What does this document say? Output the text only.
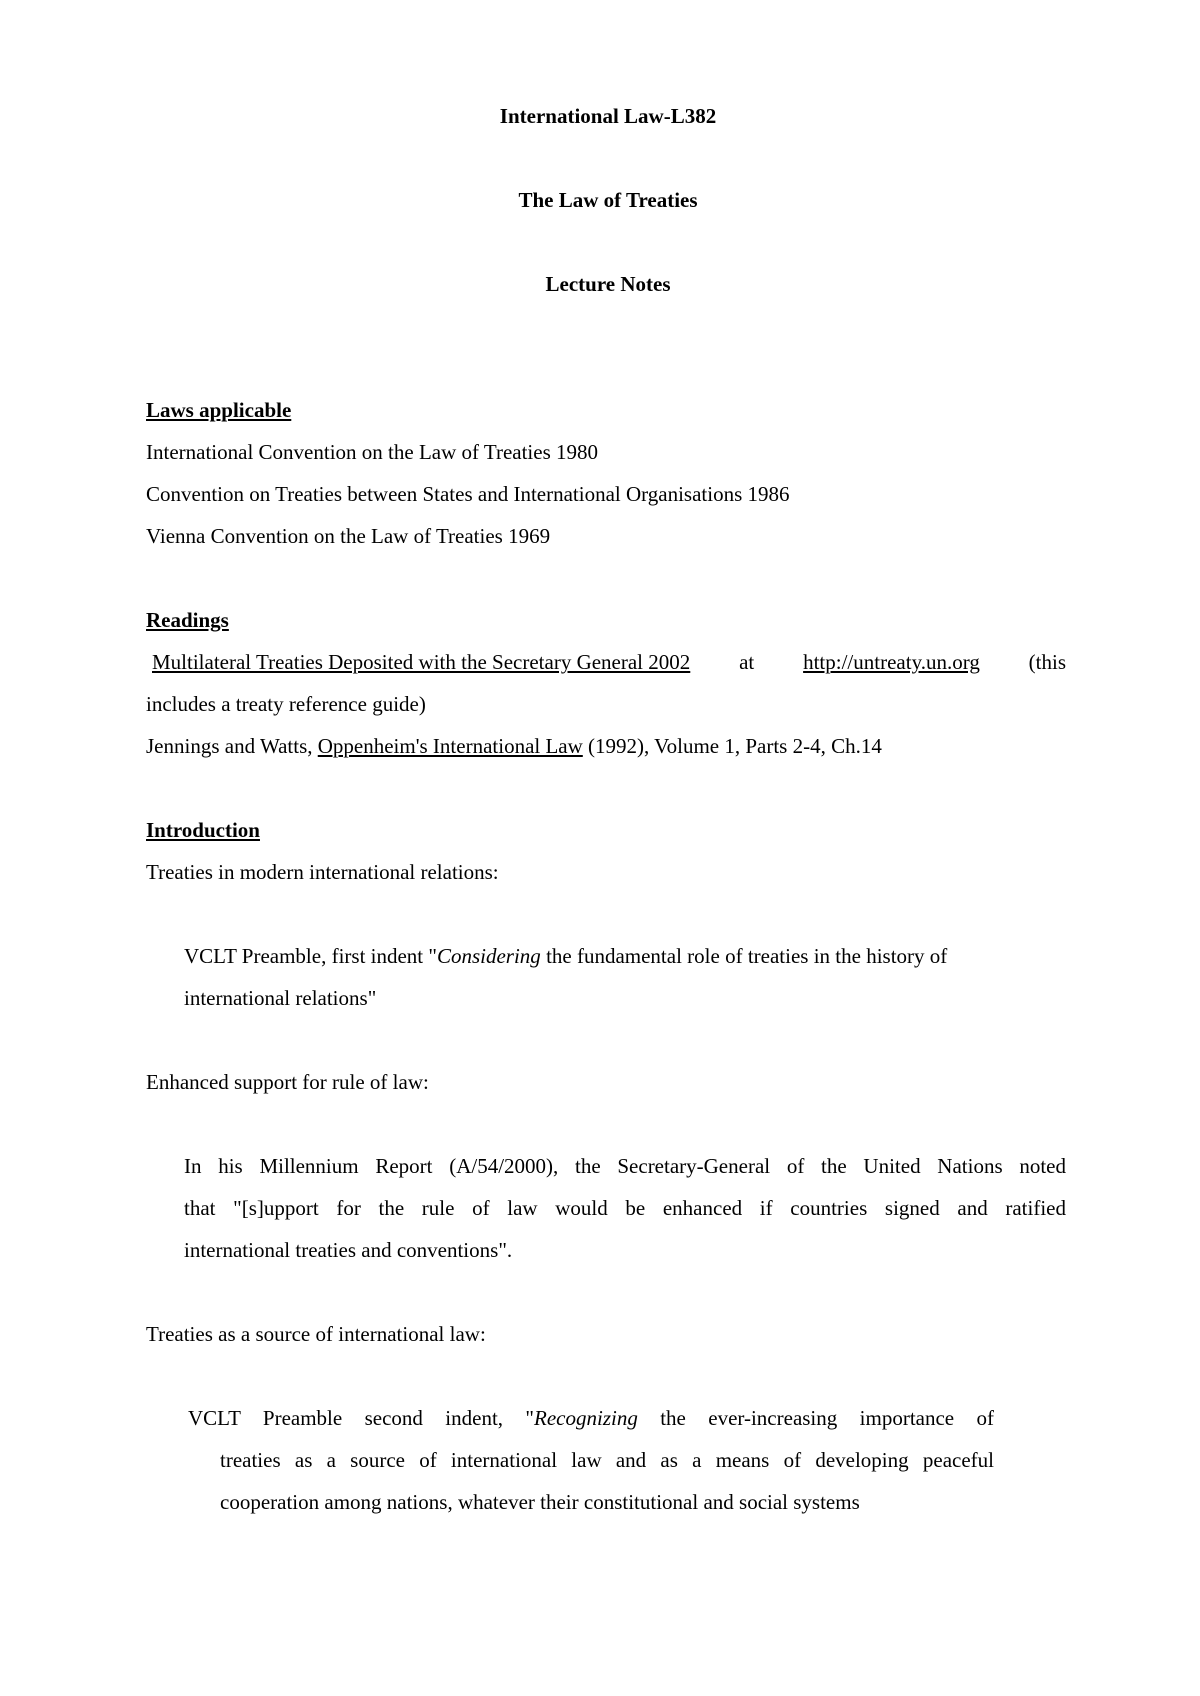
International Law-L382
The Law of Treaties
Lecture Notes
Laws applicable
International Convention on the Law of Treaties 1980
Convention on Treaties between States and International Organisations 1986
Vienna Convention on the Law of Treaties 1969
Readings
Multilateral Treaties Deposited with the Secretary General 2002 at http://untreaty.un.org (this
includes a treaty reference guide)
Jennings and Watts, Oppenheim's International Law (1992), Volume 1, Parts 2-4, Ch.14
Introduction
Treaties in modern international relations:
VCLT Preamble, first indent "Considering the fundamental role of treaties in the history of
international relations"
Enhanced support for rule of law:
In his Millennium Report (A/54/2000), the Secretary-General of the United Nations noted
that "[s]upport for the rule of law would be enhanced if countries signed and ratified
international treaties and conventions".
Treaties as a source of international law:
VCLT Preamble second indent, "Recognizing the ever-increasing importance of
treaties as a source of international law and as a means of developing peaceful
cooperation among nations, whatever their constitutional and social systems
